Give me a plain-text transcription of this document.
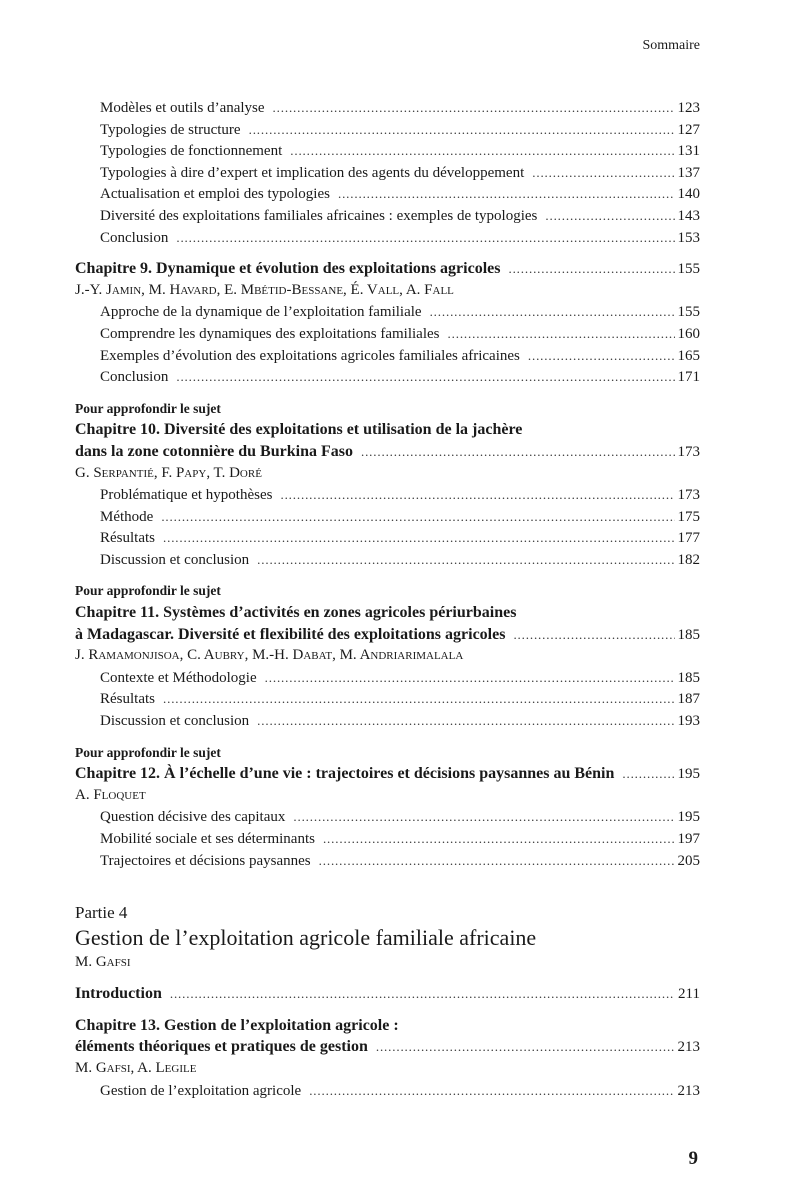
Sommaire
Modèles et outils d’analyse . . .	123
Typologies de structure . . .	127
Typologies de fonctionnement . . .	131
Typologies à dire d’expert et implication des agents du développement . . .	137
Actualisation et emploi des typologies . . .	140
Diversité des exploitations familiales africaines : exemples de typologies . . .	143
Conclusion . . .	153
Chapitre 9. Dynamique et évolution des exploitations agricoles . . .	155
J.-Y. Jamin, M. Havard, E. Mbétid-Bessane, É. Vall, A. Fall
Approche de la dynamique de l’exploitation familiale . . .	155
Comprendre les dynamiques des exploitations familiales . . .	160
Exemples d’évolution des exploitations agricoles familiales africaines . . .	165
Conclusion . . .	171
Pour approfondir le sujet
Chapitre 10. Diversité des exploitations et utilisation de la jachère
dans la zone cotonnière du Burkina Faso . . .	173
G. Serpantié, F. Papy, T. Doré
Problématique et hypothèses . . .	173
Méthode . . .	175
Résultats . . .	177
Discussion et conclusion . . .	182
Pour approfondir le sujet
Chapitre 11. Systèmes d’activités en zones agricoles périurbaines
à Madagascar. Diversité et flexibilité des exploitations agricoles . . .	185
J. Ramamonjisoa, C. Aubry, M.-H. Dabat, M. Andriarimalala
Contexte et Méthodologie . . .	185
Résultats . . .	187
Discussion et conclusion . . .	193
Pour approfondir le sujet
Chapitre 12. À l’échelle d’une vie : trajectoires et décisions paysannes au Bénin . . .	195
A. Floquet
Question décisive des capitaux . . .	195
Mobilité sociale et ses déterminants . . .	197
Trajectoires et décisions paysannes . . .	205
Partie 4
Gestion de l’exploitation agricole familiale africaine
M. Gafsi
Introduction . . .	211
Chapitre 13. Gestion de l’exploitation agricole :
éléments théoriques et pratiques de gestion . . .	213
M. Gafsi, A. Legile
Gestion de l’exploitation agricole . . .	213
9
